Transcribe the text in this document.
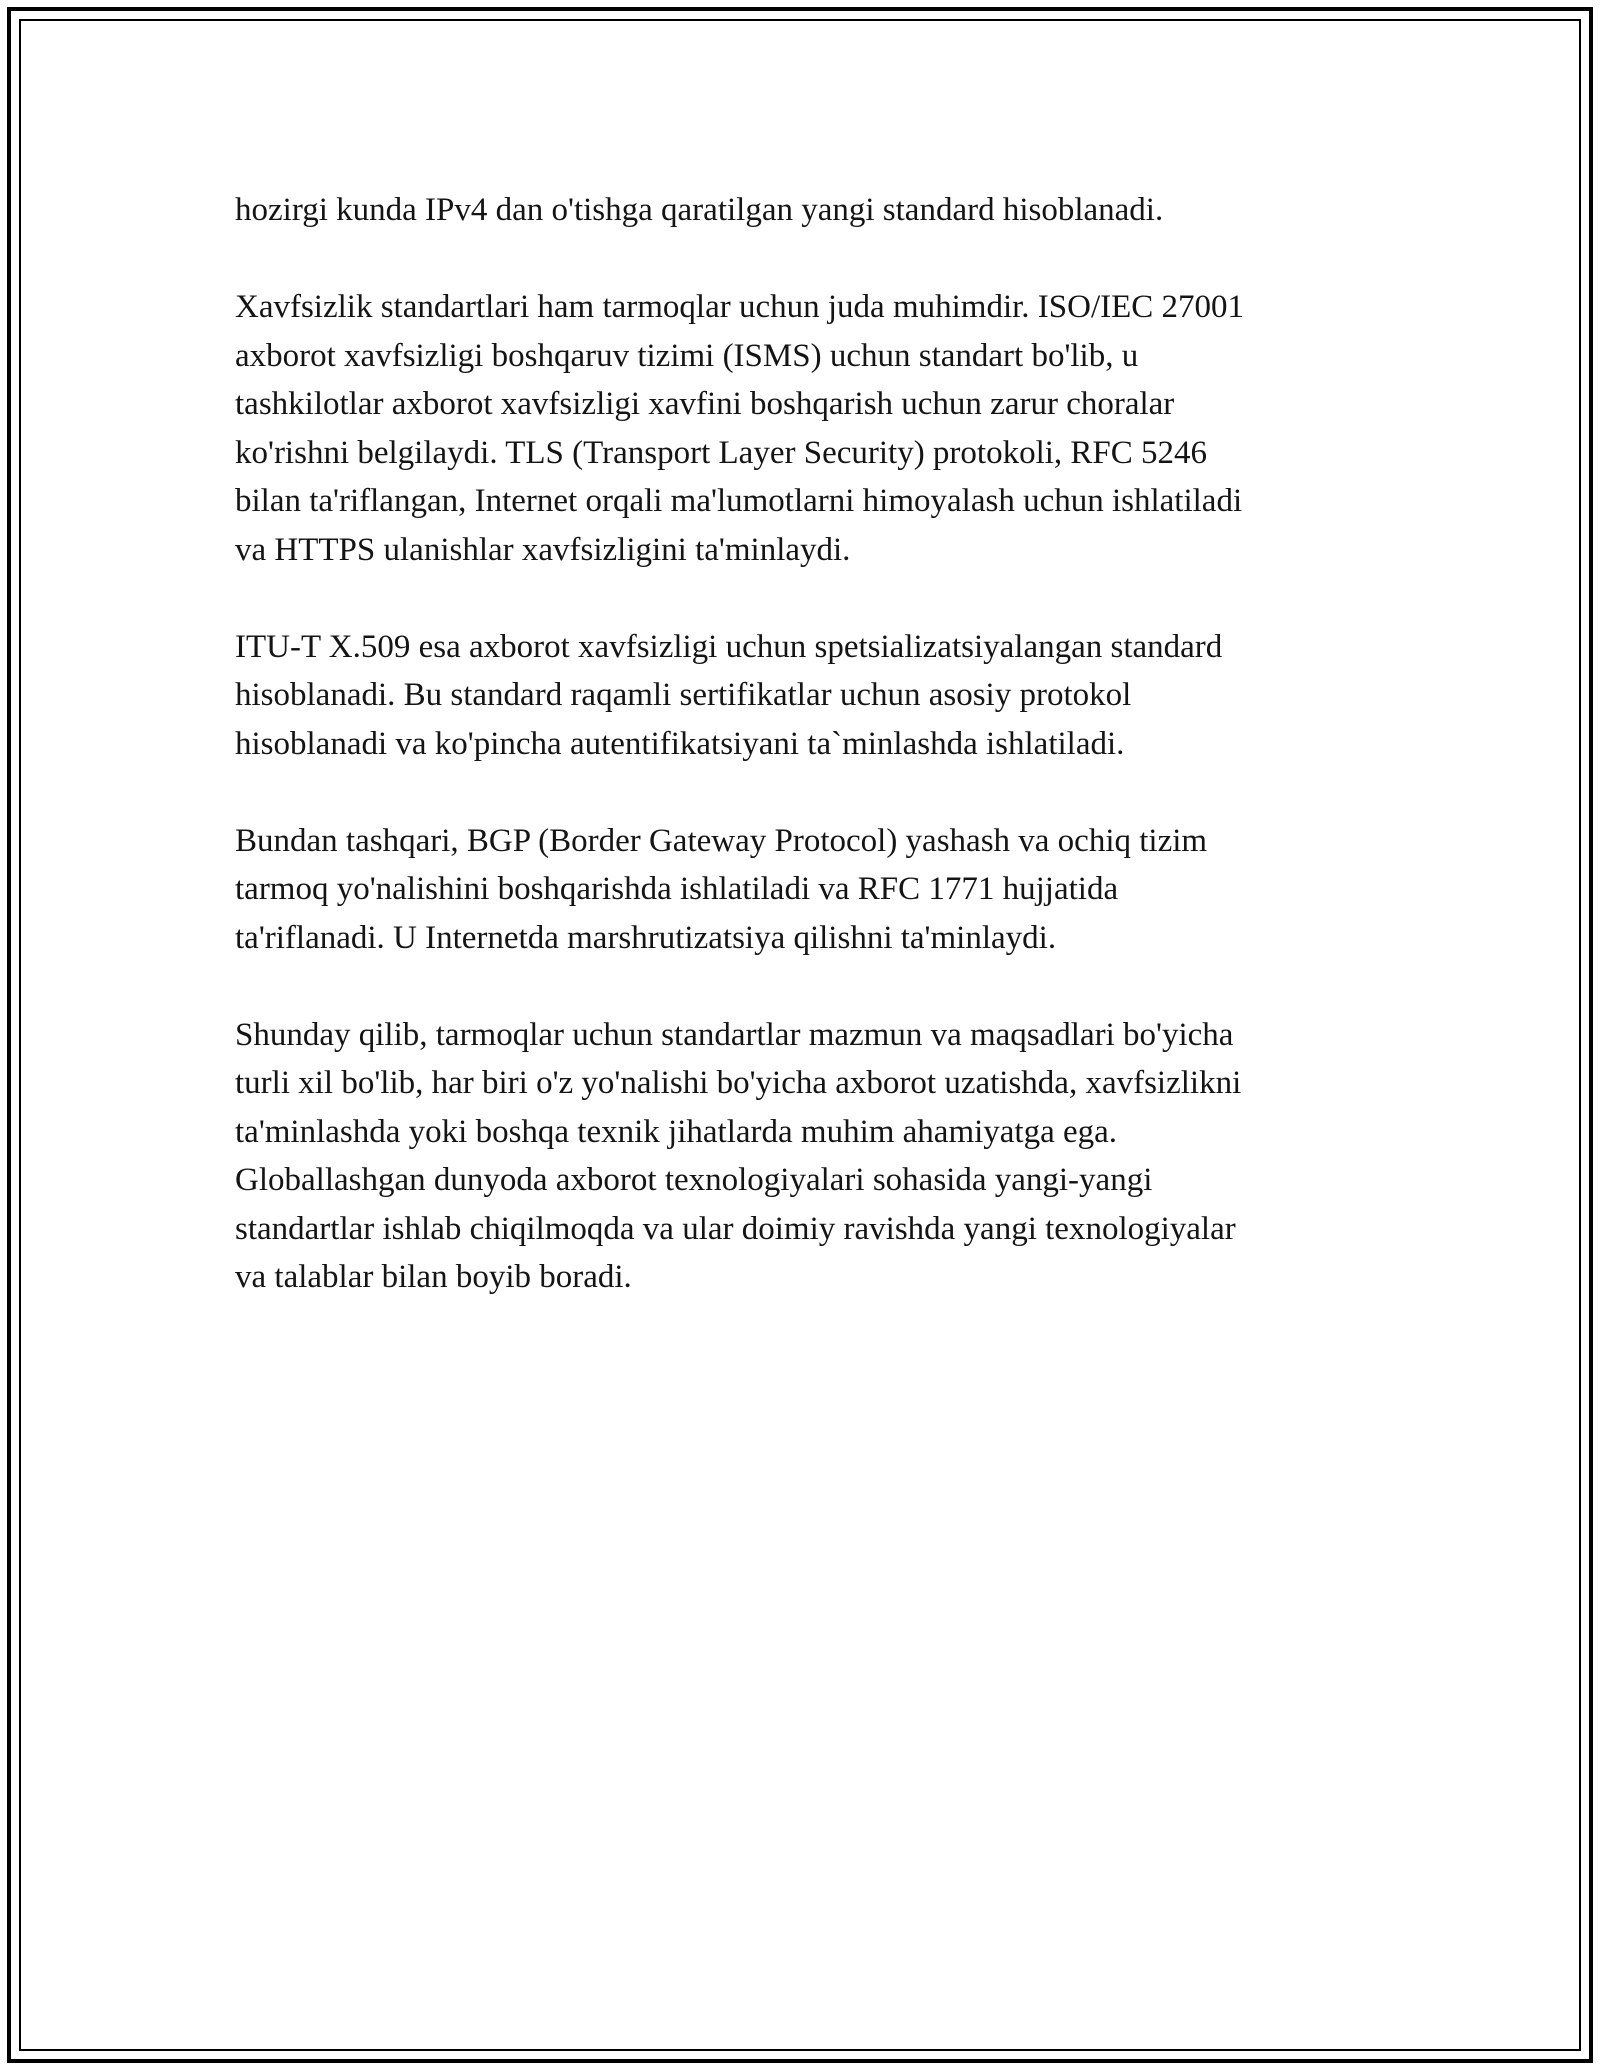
hozirgi kunda IPv4 dan o'tishga qaratilgan yangi standard hisoblanadi.

Xavfsizlik standartlari ham tarmoqlar uchun juda muhimdir. ISO/IEC 27001
axborot xavfsizligi boshqaruv tizimi (ISMS) uchun standart bo'lib, u
tashkilotlar axborot xavfsizligi xavfini boshqarish uchun zarur choralar
ko'rishni belgilaydi. TLS (Transport Layer Security) protokoli, RFC 5246
bilan ta'riflangan, Internet orqali ma'lumotlarni himoyalash uchun ishlatiladi
va HTTPS ulanishlar xavfsizligini ta'minlaydi.

ITU-T X.509 esa axborot xavfsizligi uchun spetsializatsiyalangan standard
hisoblanadi. Bu standard raqamli sertifikatlar uchun asosiy protokol
hisoblanadi va ko'pincha autentifikatsiyani ta`minlashda ishlatiladi.

Bundan tashqari, BGP (Border Gateway Protocol) yashash va ochiq tizim
tarmoq yo'nalishini boshqarishda ishlatiladi va RFC 1771 hujjatida
ta'riflanadi. U Internetda marshrutizatsiya qilishni ta'minlaydi.

Shunday qilib, tarmoqlar uchun standartlar mazmun va maqsadlari bo'yicha
turli xil bo'lib, har biri o'z yo'nalishi bo'yicha axborot uzatishda, xavfsizlikni
ta'minlashda yoki boshqa texnik jihatlarda muhim ahamiyatga ega.
Globallashgan dunyoda axborot texnologiyalari sohasida yangi-yangi
standartlar ishlab chiqilmoqda va ular doimiy ravishda yangi texnologiyalar
va talablar bilan boyib boradi.
